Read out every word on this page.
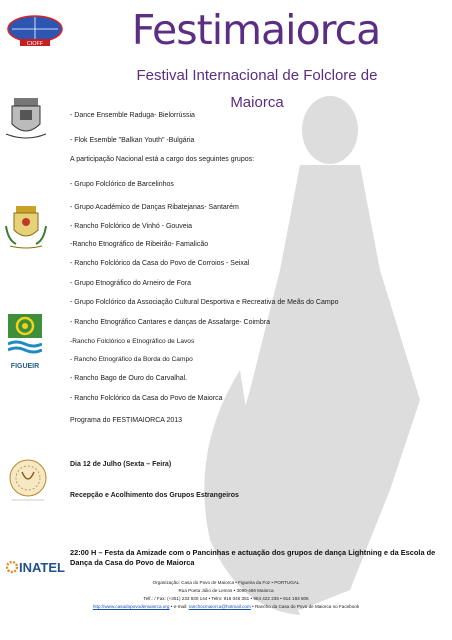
CIOFF	Festimaiorca
Festival Internacional de Folclore de
Maiorca
FIGUEIR
INATEL
- Dance Ensemble Raduga- Bielorrússia
- Flok Esemble "Balkan Youth" -Bulgária
A participação Nacional está a cargo dos seguintes grupos:
- Grupo Folclórico de Barcelinhos
- Grupo Académico de Danças Ribatejanas- Santarém
- Rancho Folclórico de Vinhó - Gouveia
-Rancho Etnográfico de Ribeirão- Famalicão
- Rancho Folclórico da Casa do Povo de Corroios - Seixal
- Grupo Etnográfico do Arneiro de Fora
- Grupo Folclórico da Associação Cultural Desportiva e Recreativa de Meãs do Campo
- Rancho Etnográfico Cantares e danças de Assafarge- Coimbra
-Rancho Folclórico e Etnográfico de Lavos
- Rancho Etnográfico da Borda do Campo
- Rancho Bago de Ouro do Carvalhal.
- Rancho Folclórico da Casa do Povo de Maiorca
Programa do FESTIMAIORCA 2013
Dia 12 de Julho (Sexta – Feira)
Recepção e Acolhimento dos Grupos Estrangeiros
22:00 H – Festa da Amizade com o Pancinhas e actuação dos grupos de dança Lightning e da Escola de Dança da Casa do Povo de Maiorca
Organização: Casa do Povo de Maiorca • Figueira da Foz • PORTUGAL
Rua Poeta Júlio de Lemos • 3090-466 Maiorca
Telf.: / Fax: (+351) 233 930 144 • Telm: 916 046 351 • 964 422 235 • 914 193 806
http://www.casadopovodemaiorca.org • e-mail: ranchocmaiorca@hotmail.com • Rancho da Casa do Povo de Maiorca no Facebook
